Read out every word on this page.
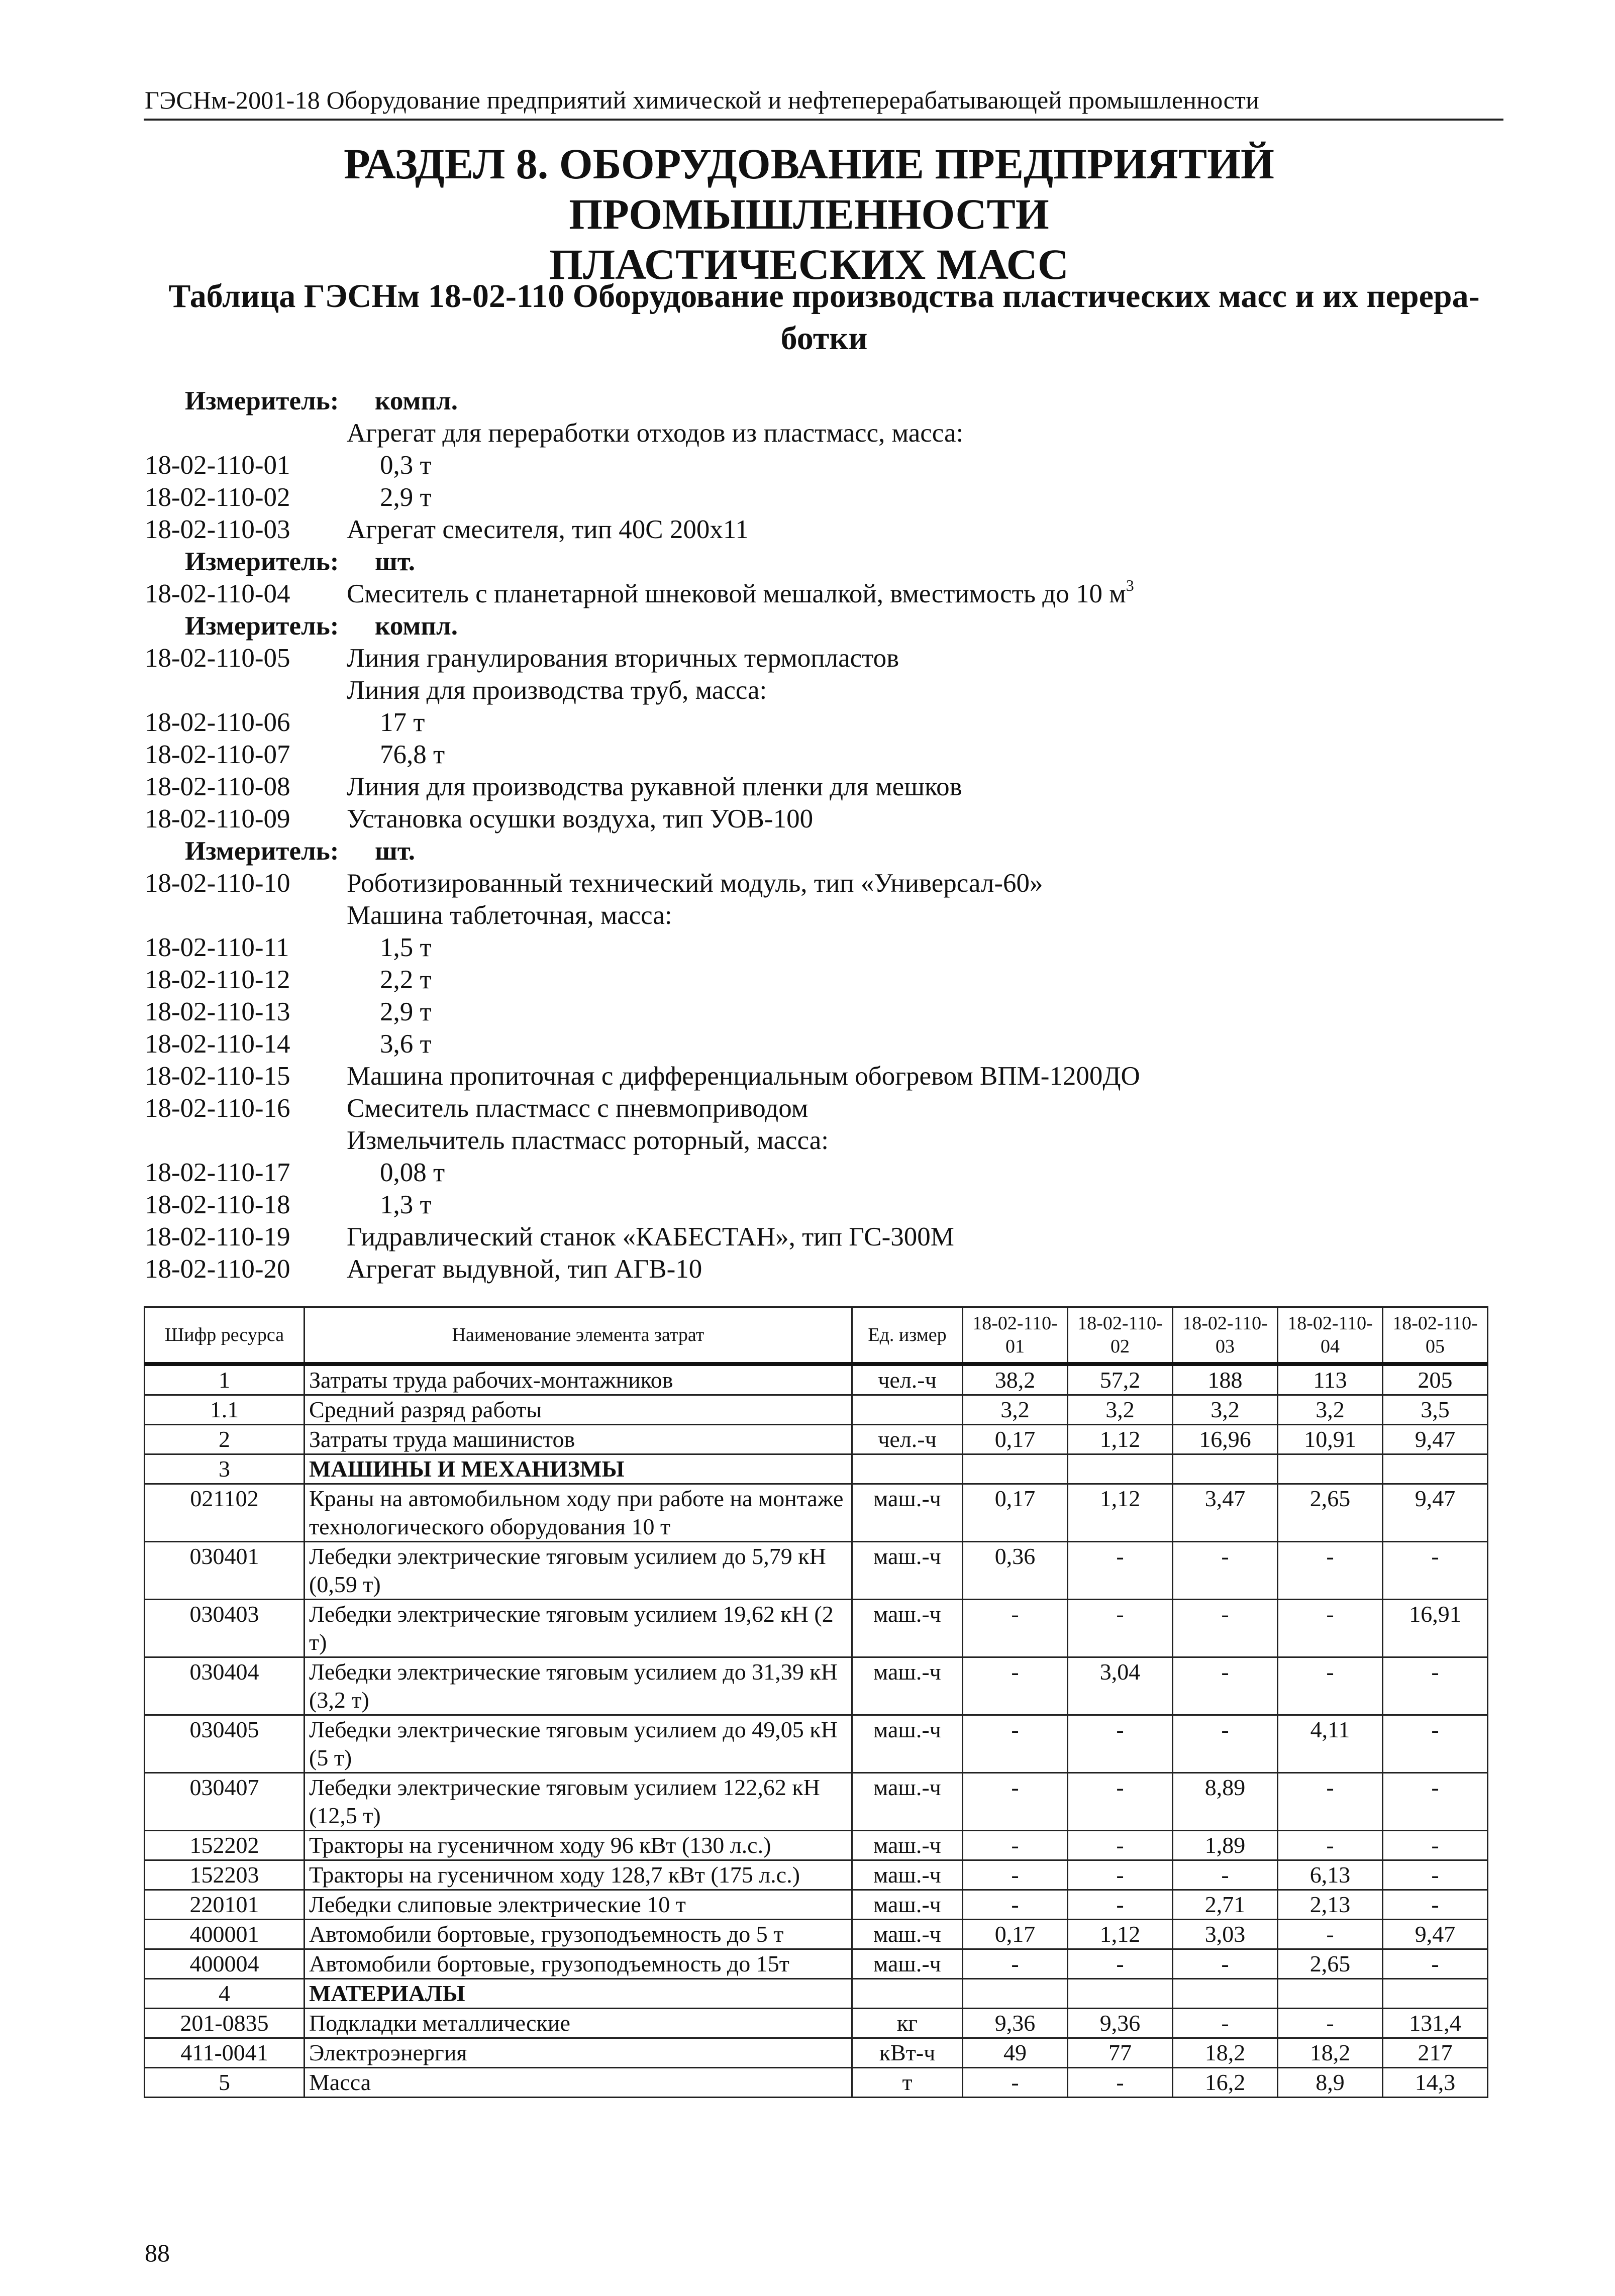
ГЭСНм-2001-18 Оборудование предприятий химической и нефтеперерабатывающей промышленности
РАЗДЕЛ 8. ОБОРУДОВАНИЕ ПРЕДПРИЯТИЙ ПРОМЫШЛЕННОСТИ
ПЛАСТИЧЕСКИХ МАСС
Таблица ГЭСНм 18-02-110 Оборудование производства пластических масс и их перера-
ботки
Измеритель: компл.
Агрегат для переработки отходов из пластмасс, масса:
18-02-110-01	0,3 т
18-02-110-02	2,9 т
18-02-110-03 Агрегат смесителя, тип 40С 200х11
Измеритель: шт.
18-02-110-04 Смеситель с планетарной шнековой мешалкой, вместимость до 10 $м^3$
Измеритель: компл.
18-02-110-05 Линия гранулирования вторичных термопластов
Линия для производства труб, масса:
18-02-110-06	17 т
18-02-110-07	76,8 т
18-02-110-08 Линия для производства рукавной пленки для мешков
18-02-110-09 Установка осушки воздуха, тип УОВ-100
Измеритель: шт.
18-02-110-10 Роботизированный технический модуль, тип «Универсал-60»
Машина таблеточная, масса:
18-02-110-11	1,5 т
18-02-110-12	2,2 т
18-02-110-13	2,9 т
18-02-110-14	3,6 т
18-02-110-15 Машина пропиточная с дифференциальным обогревом ВПМ-1200ДО
18-02-110-16 Смеситель пластмасс с пневмоприводом
Измельчитель пластмасс роторный, масса:
18-02-110-17	0,08 т
18-02-110-18	1,3 т
18-02-110-19 Гидравлический станок «КАБЕСТАН», тип ГС-300М
18-02-110-20 Агрегат выдувной, тип АГВ-10
Шифр ресурса	Наименование элемента затрат	Ед. измер	18-02-110-01	18-02-110-02	18-02-110-03	18-02-110-04	18-02-110-05
1	Затраты труда рабочих-монтажников	чел.-ч	38,2	57,2	188	113	205
1.1	Средний разряд работы		3,2	3,2	3,2	3,2	3,5
2	Затраты труда машинистов	чел.-ч	0,17	1,12	16,96	10,91	9,47
3	МАШИНЫ И МЕХАНИЗМЫ						
021102	Краны на автомобильном ходу при работе на монтаже технологического оборудования 10 т	маш.-ч	0,17	1,12	3,47	2,65	9,47
030401	Лебедки электрические тяговым усилием до 5,79 кН (0,59 т)	маш.-ч	0,36	-	-	-	-
030403	Лебедки электрические тяговым усилием 19,62 кН (2 т)	маш.-ч	-	-	-	-	16,91
030404	Лебедки электрические тяговым усилием до 31,39 кН (3,2 т)	маш.-ч	-	3,04	-	-	-
030405	Лебедки электрические тяговым усилием до 49,05 кН (5 т)	маш.-ч	-	-	-	4,11	-
030407	Лебедки электрические тяговым усилием 122,62 кН (12,5 т)	маш.-ч	-	-	8,89	-	-
152202	Тракторы на гусеничном ходу 96 кВт (130 л.с.)	маш.-ч	-	-	1,89	-	-
152203	Тракторы на гусеничном ходу 128,7 кВт (175 л.с.)	маш.-ч	-	-	-	6,13	-
220101	Лебедки слиповые электрические 10 т	маш.-ч	-	-	2,71	2,13	-
400001	Автомобили бортовые, грузоподъемность до 5 т	маш.-ч	0,17	1,12	3,03	-	9,47
400004	Автомобили бортовые, грузоподъемность до 15т	маш.-ч	-	-	-	2,65	-
4	МАТЕРИАЛЫ						
201-0835	Подкладки металлические	кг	9,36	9,36	-	-	131,4
411-0041	Электроэнергия	кВт-ч	49	77	18,2	18,2	217
5	Масса	т	-	-	16,2	8,9	14,3
88
